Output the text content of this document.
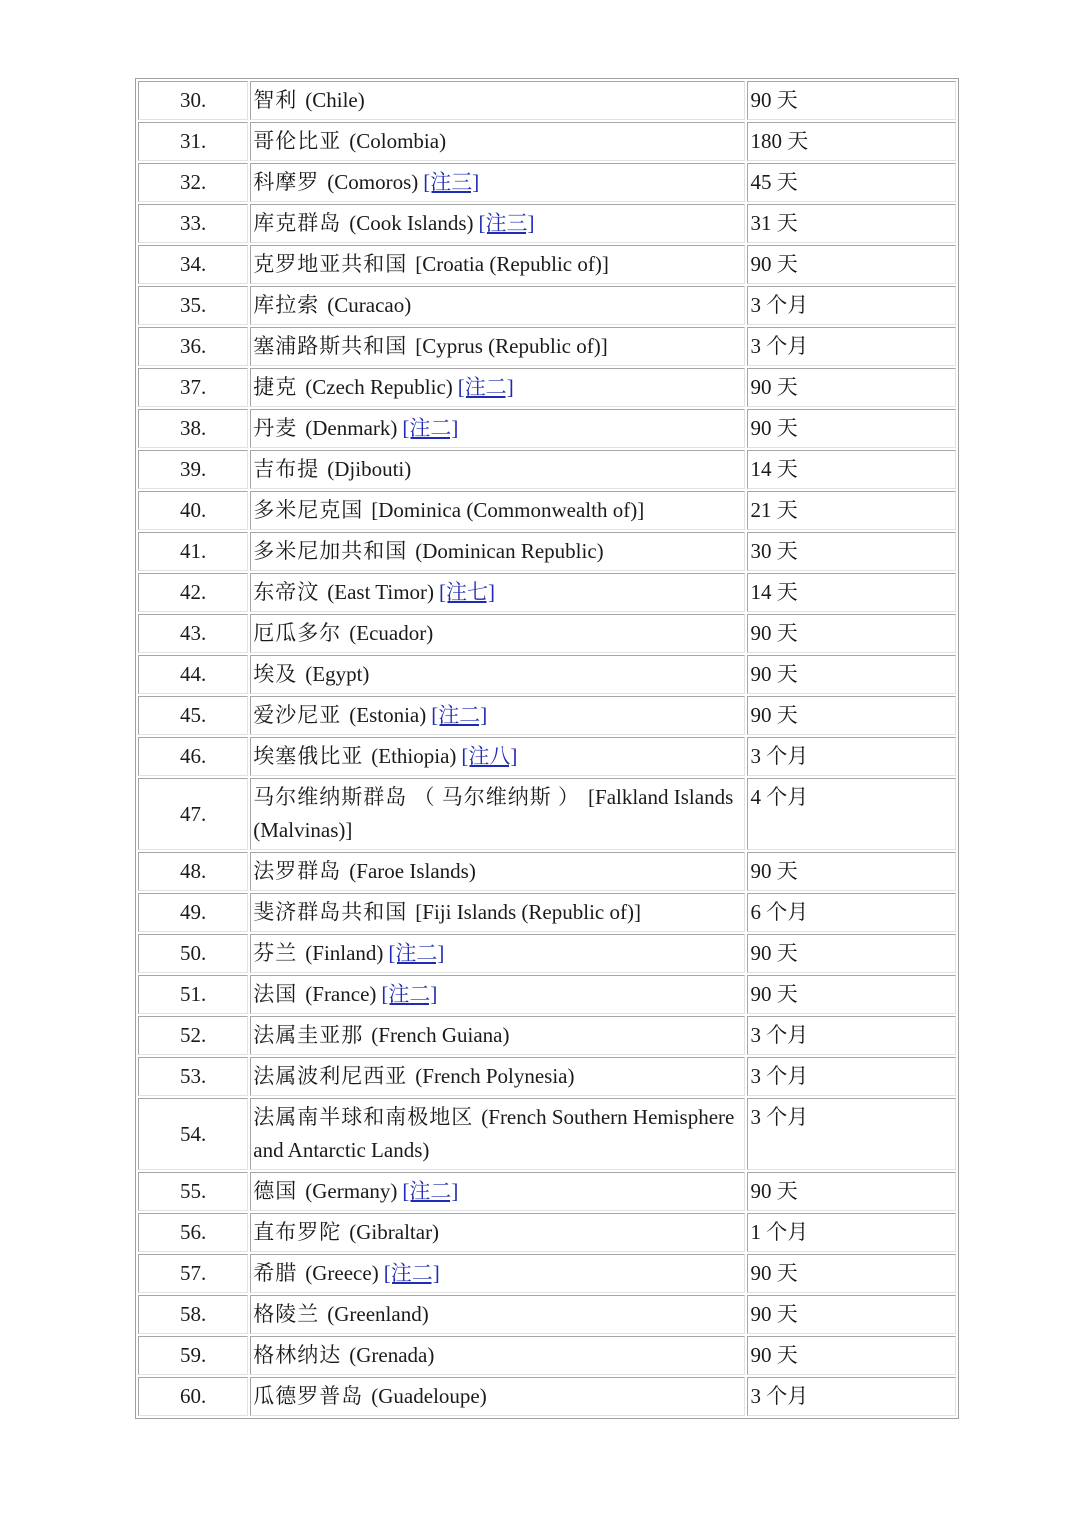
30.	智利 (Chile)	90 天
31.	哥伦比亚 (Colombia)	180 天
32.	科摩罗 (Comoros) [注三]	45 天
33.	库克群岛 (Cook Islands) [注三]	31 天
34.	克罗地亚共和国 [Croatia (Republic of)]	90 天
35.	库拉索 (Curacao)	3 个月
36.	塞浦路斯共和国 [Cyprus (Republic of)]	3 个月
37.	捷克 (Czech Republic) [注二]	90 天
38.	丹麦 (Denmark) [注二]	90 天
39.	吉布提 (Djibouti)	14 天
40.	多米尼克国 [Dominica (Commonwealth of)]	21 天
41.	多米尼加共和国 (Dominican Republic)	30 天
42.	东帝汶 (East Timor) [注七]	14 天
43.	厄瓜多尔 (Ecuador)	90 天
44.	埃及 (Egypt)	90 天
45.	爱沙尼亚 (Estonia) [注二]	90 天
46.	埃塞俄比亚 (Ethiopia) [注八]	3 个月
47.	马尔维纳斯群岛 （ 马尔维纳斯 ） [Falkland Islands (Malvinas)]	4 个月
48.	法罗群岛 (Faroe Islands)	90 天
49.	斐济群岛共和国 [Fiji Islands (Republic of)]	6 个月
50.	芬兰 (Finland) [注二]	90 天
51.	法国 (France) [注二]	90 天
52.	法属圭亚那 (French Guiana)	3 个月
53.	法属波利尼西亚 (French Polynesia)	3 个月
54.	法属南半球和南极地区 (French Southern Hemisphere and Antarctic Lands)	3 个月
55.	德国 (Germany) [注二]	90 天
56.	直布罗陀 (Gibraltar)	1 个月
57.	希腊 (Greece) [注二]	90 天
58.	格陵兰 (Greenland)	90 天
59.	格林纳达 (Grenada)	90 天
60.	瓜德罗普岛 (Guadeloupe)	3 个月
